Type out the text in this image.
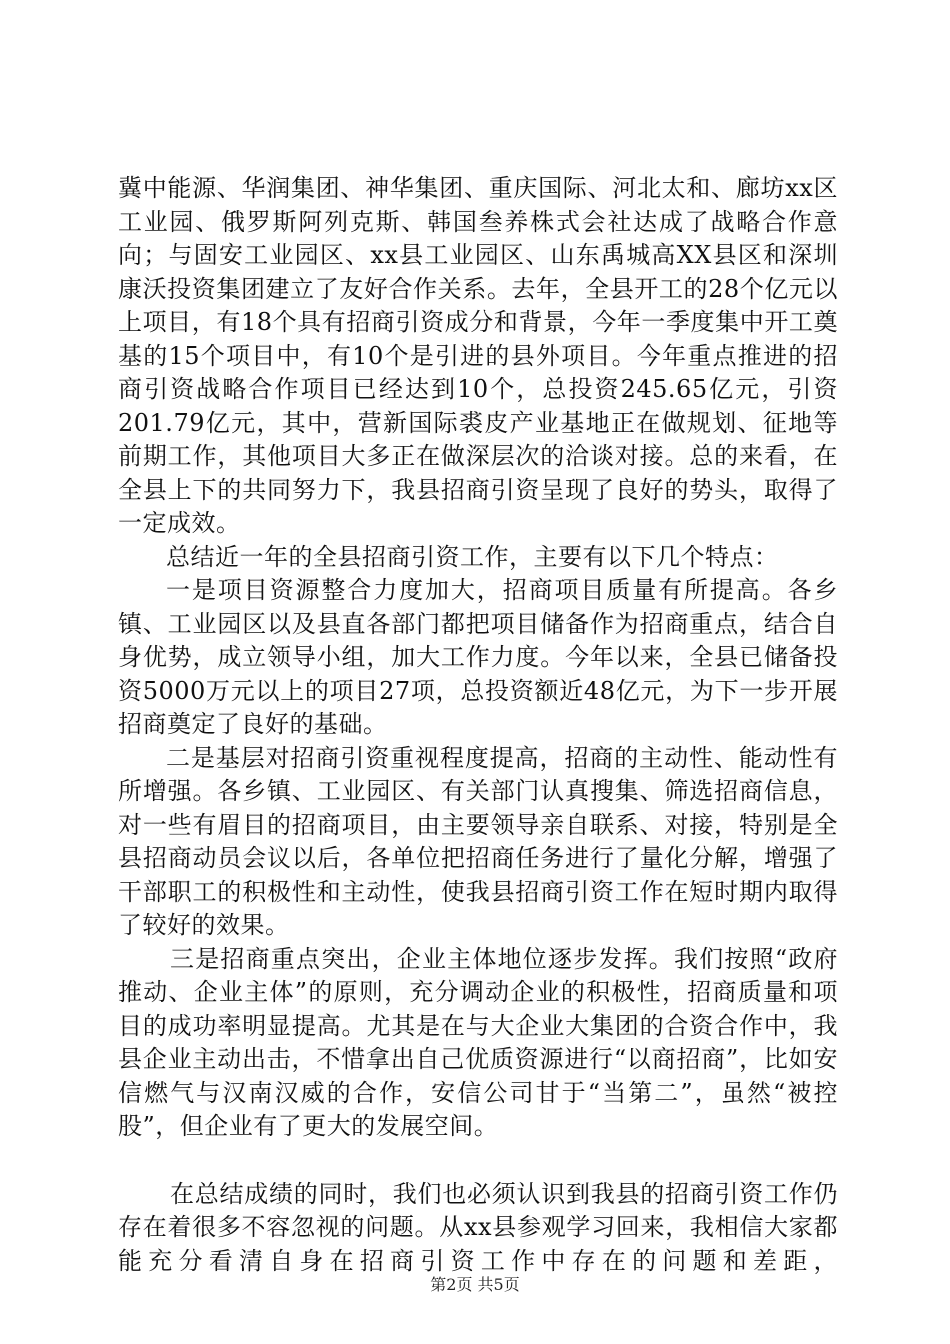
冀中能源、华润集团、神华集团、重庆国际、河北太和、廊坊xx区工业园、俄罗斯阿列克斯、韩国叁养株式会社达成了战略合作意向；与固安工业园区、xx县工业园区、山东禹城高XX县区和深圳康沃投资集团建立了友好合作关系。去年，全县开工的28个亿元以上项目，有18个具有招商引资成分和背景，今年一季度集中开工奠基的15个项目中，有10个是引进的县外项目。今年重点推进的招商引资战略合作项目已经达到10个，总投资245.65亿元，引资201.79亿元，其中，营新国际裘皮产业基地正在做规划、征地等前期工作，其他项目大多正在做深层次的洽谈对接。总的来看，在全县上下的共同努力下，我县招商引资呈现了良好的势头，取得了一定成效。

总结近一年的全县招商引资工作，主要有以下几个特点：

一是项目资源整合力度加大，招商项目质量有所提高。各乡镇、工业园区以及县直各部门都把项目储备作为招商重点，结合自身优势，成立领导小组，加大工作力度。今年以来，全县已储备投资5000万元以上的项目27项，总投资额近48亿元，为下一步开展招商奠定了良好的基础。

二是基层对招商引资重视程度提高，招商的主动性、能动性有所增强。各乡镇、工业园区、有关部门认真搜集、筛选招商信息，对一些有眉目的招商项目，由主要领导亲自联系、对接，特别是全县招商动员会议以后，各单位把招商任务进行了量化分解，增强了干部职工的积极性和主动性，使我县招商引资工作在短时期内取得了较好的效果。

三是招商重点突出，企业主体地位逐步发挥。我们按照“政府推动、企业主体”的原则，充分调动企业的积极性，招商质量和项目的成功率明显提高。尤其是在与大企业大集团的合资合作中，我县企业主动出击，不惜拿出自己优质资源进行“以商招商”，比如安信燃气与汉南汉威的合作，安信公司甘于“当第二”，虽然“被控股”，但企业有了更大的发展空间。

在总结成绩的同时，我们也必须认识到我县的招商引资工作仍存在着很多不容忽视的问题。从xx县参观学习回来，我相信大家都能充分看清自身在招商引资工作中存在的问题和差距，

第2页 共5页
